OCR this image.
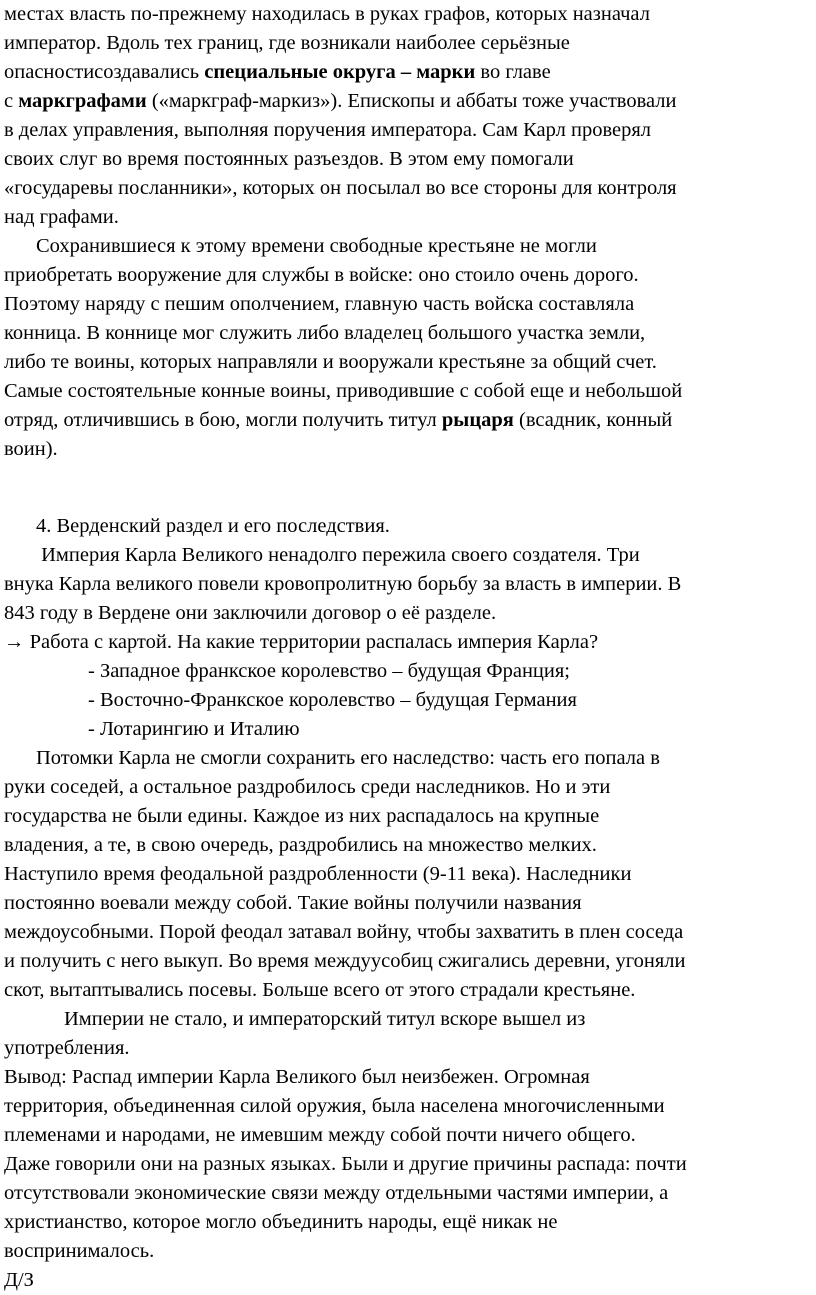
местах власть по-прежнему находилась в руках графов, которых назначал
император. Вдоль тех границ, где возникали наиболее серьёзные
опасностисоздавались специальные округа – марки во главе
с маркграфами («маркграф-маркиз»). Епископы и аббаты тоже участвовали
в делах управления, выполняя поручения императора. Сам Карл проверял
своих слуг во время постоянных разъездов. В этом ему помогали
«государевы посланники», которых он посылал во все стороны для контроля
над графами.
Сохранившиеся к этому времени свободные крестьяне не могли
приобретать вооружение для службы в войске: оно стоило очень дорого.
Поэтому наряду с пешим ополчением, главную часть войска составляла
конница. В коннице мог служить либо владелец большого участка земли,
либо те воины, которых направляли и вооружали крестьяне за общий счет.
Самые состоятельные конные воины, приводившие с собой еще и небольшой
отряд, отличившись в бою, могли получить титул рыцаря (всадник, конный
воин).
4. Верденский раздел и его последствия.
Империя Карла Великого ненадолго пережила своего создателя. Три
внука Карла великого повели кровопролитную борьбу за власть в империи. В
843 году в Вердене они заключили договор о её разделе.
→ Работа с картой. На какие территории распалась империя Карла?
- Западное франкское королевство – будущая Франция;
- Восточно-Франкское королевство – будущая Германия
- Лотарингию и Италию
Потомки Карла не смогли сохранить его наследство: часть его попала в
руки соседей, а остальное раздробилось среди наследников. Но и эти
государства не были едины. Каждое из них распадалось на крупные
владения, а те, в свою очередь, раздробились на множество мелких.
Наступило время феодальной раздробленности (9-11 века). Наследники
постоянно воевали между собой. Такие войны получили названия
междоусобными. Порой феодал затавал войну, чтобы захватить в плен соседа
и получить с него выкуп. Во время междуусобиц сжигались деревни, угоняли
скот, вытаптывались посевы. Больше всего от этого страдали крестьяне.
Империи не стало, и императорский титул вскоре вышел из
употребления.
Вывод: Распад империи Карла Великого был неизбежен. Огромная
территория, объединенная силой оружия, была населена многочисленными
племенами и народами, не имевшим между собой почти ничего общего.
Даже говорили они на разных языках. Были и другие причины распада: почти
отсутствовали экономические связи между отдельными частями империи, а
христианство, которое могло объединить народы, ещё никак не
воспринималось.
Д/З
